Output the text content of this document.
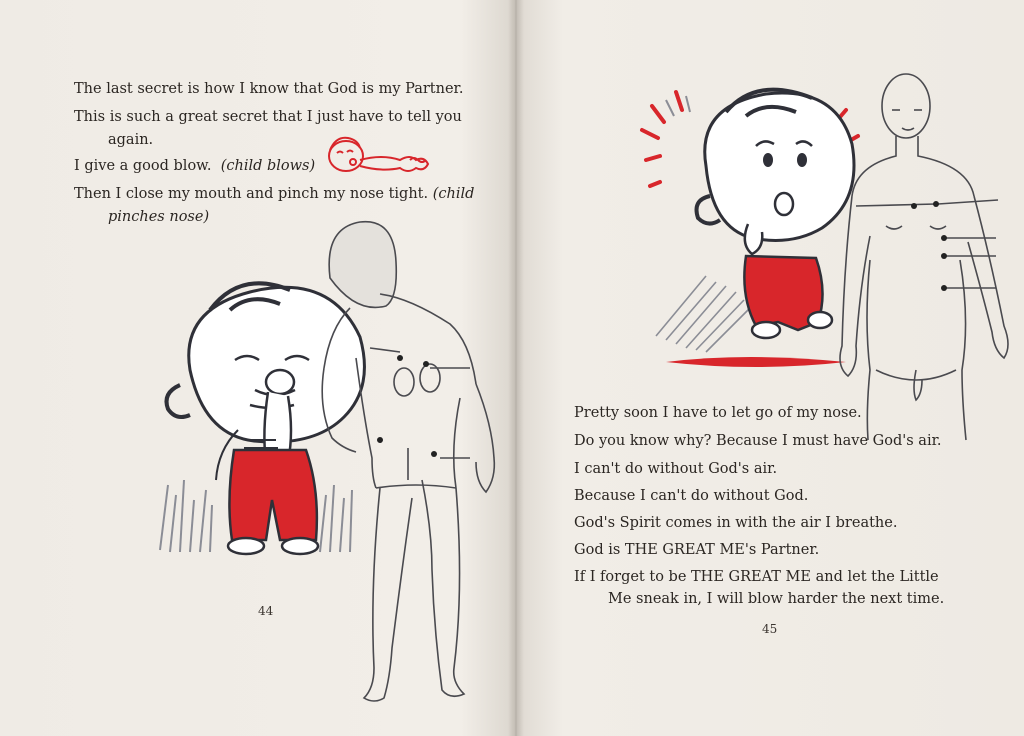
The last secret is how I know that God is my Partner.

This is such a great secret that I just have to tell you

again.

I give a good blow. (child blows)

Then I close my mouth and pinch my nose tight. (child

pinches nose)

44

Pretty soon I have to let go of my nose.

Do you know why? Because I must have God's air.

I can't do without God's air.

Because I can't do without God.

God's Spirit comes in with the air I breathe.

God is THE GREAT ME's Partner.

If I forget to be THE GREAT ME and let the Little

Me sneak in, I will blow harder the next time.

45
